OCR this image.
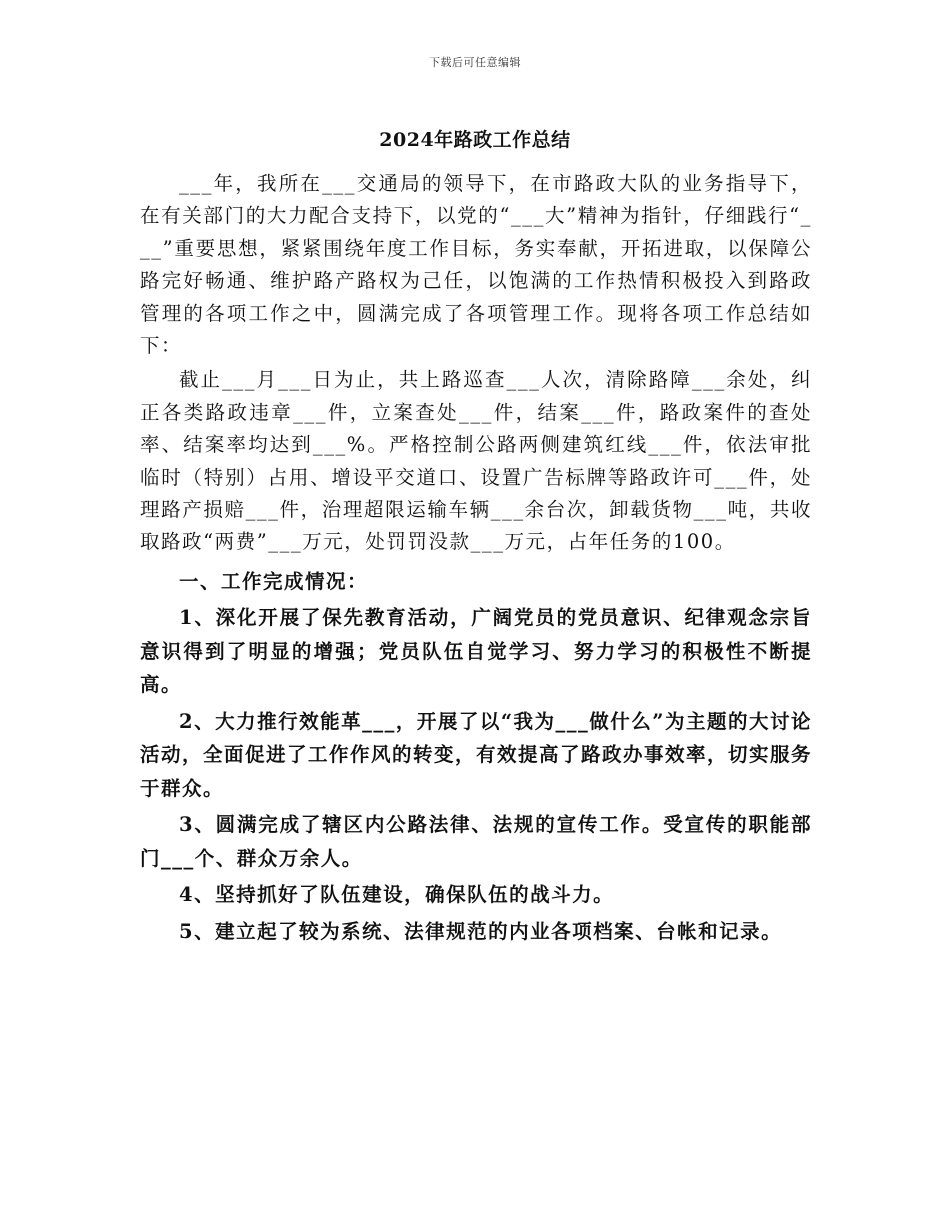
下载后可任意编辑
2024年路政工作总结

___年，我所在___交通局的领导下，在市路政大队的业务指导下，在有关部门的大力配合支持下，以党的“___大”精神为指针，仔细践行“___”重要思想，紧紧围绕年度工作目标，务实奉献，开拓进取，以保障公路完好畅通、维护路产路权为己任，以饱满的工作热情积极投入到路政管理的各项工作之中，圆满完成了各项管理工作。现将各项工作总结如下：

截止___月___日为止，共上路巡查___人次，清除路障___余处，纠正各类路政违章___件，立案查处___件，结案___件，路政案件的查处率、结案率均达到___%。严格控制公路两侧建筑红线___件，依法审批临时（特别）占用、增设平交道口、设置广告标牌等路政许可___件，处理路产损赔___件，治理超限运输车辆___余台次，卸载货物___吨，共收取路政“两费”___万元，处罚罚没款___万元，占年任务的100。

一、工作完成情况：

1、深化开展了保先教育活动，广阔党员的党员意识、纪律观念宗旨意识得到了明显的增强；党员队伍自觉学习、努力学习的积极性不断提高。

2、大力推行效能革___，开展了以“我为___做什么”为主题的大讨论活动，全面促进了工作作风的转变，有效提高了路政办事效率，切实服务于群众。

3、圆满完成了辖区内公路法律、法规的宣传工作。受宣传的职能部门___个、群众万余人。

4、坚持抓好了队伍建设，确保队伍的战斗力。

5、建立起了较为系统、法律规范的内业各项档案、台帐和记录。
